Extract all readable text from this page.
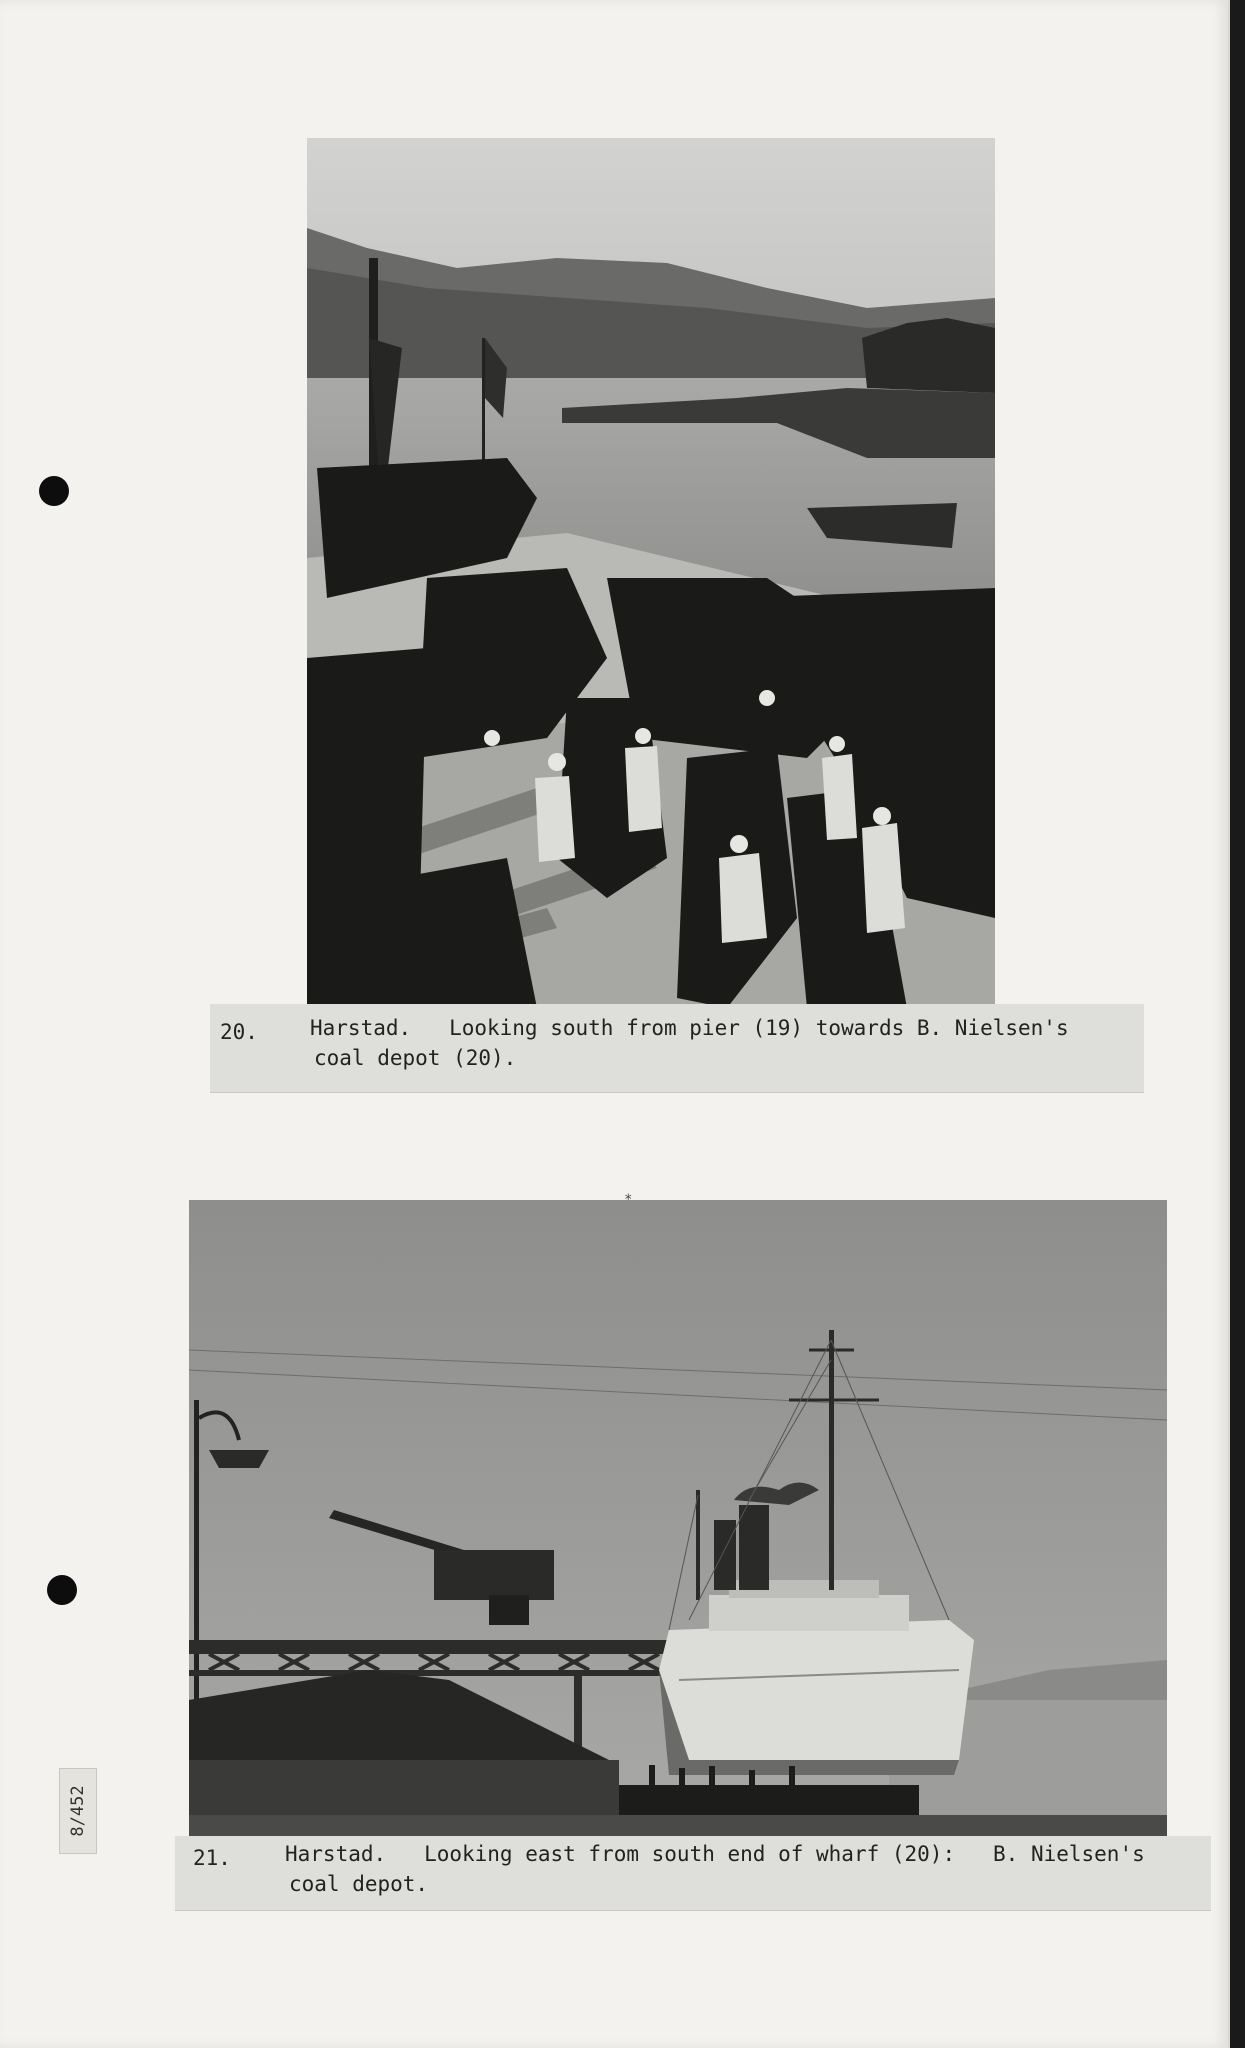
20.

Harstad.   Looking south from pier (19) towards B. Nielsen's

coal depot (20).

21.

	Harstad.   Looking east from south end of wharf (20):   B. Nielsen's

coal depot.

8/452
